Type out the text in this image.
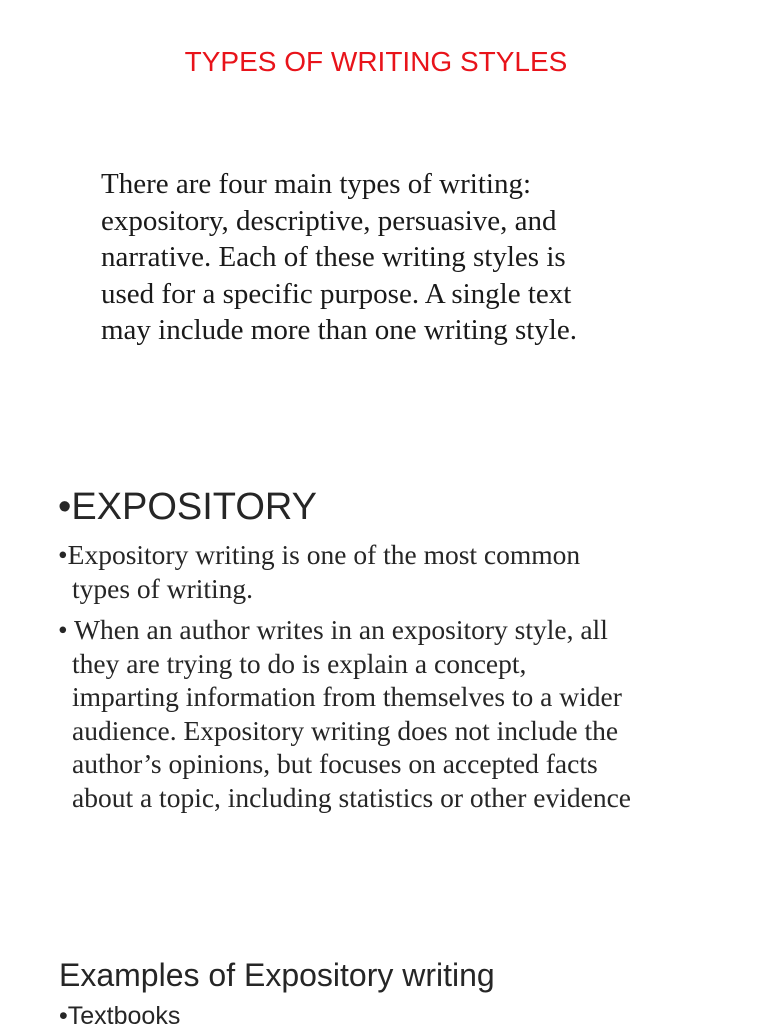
TYPES OF WRITING STYLES
There are four main types of writing:
expository, descriptive, persuasive, and
narrative. Each of these writing styles is
used for a specific purpose. A single text
may include more than one writing style.
•EXPOSITORY
•Expository writing is one of the most common
types of writing.
• When an author writes in an expository style, all
they are trying to do is explain a concept,
imparting information from themselves to a wider
audience. Expository writing does not include the
author’s opinions, but focuses on accepted facts
about a topic, including statistics or other evidence
Examples of Expository writing
•Textbooks
